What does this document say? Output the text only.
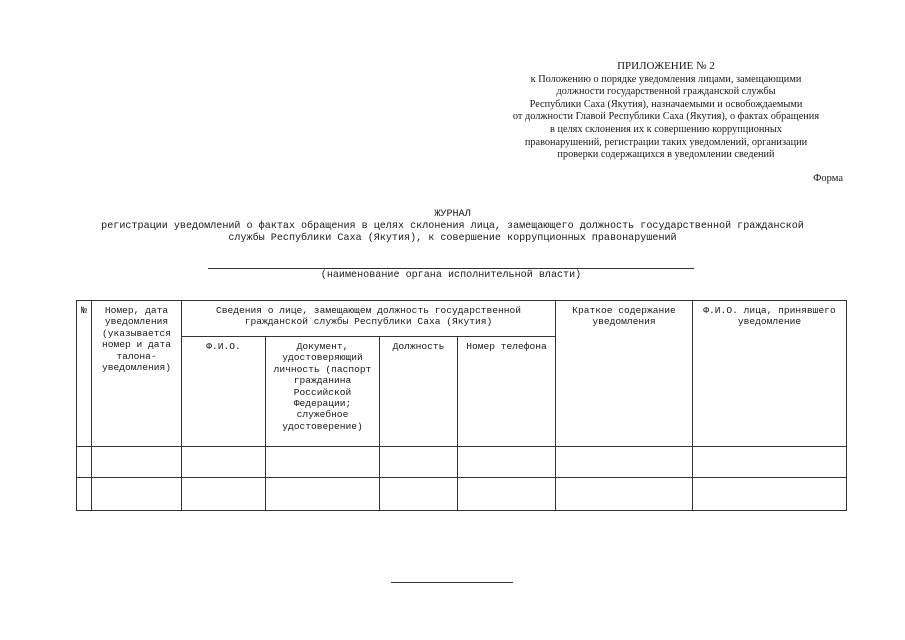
ПРИЛОЖЕНИЕ № 2
к Положению о порядке уведомления лицами, замещающими
должности государственной гражданской службы
Республики Саха (Якутия), назначаемыми и освобождаемыми
от должности Главой Республики Саха (Якутия), о фактах обращения
в целях склонения их к совершению коррупционных
правонарушений, регистрации таких уведомлений, организации
проверки содержащихся в уведомлении сведений
Форма
ЖУРНАЛ
регистрации уведомлений о фактах обращения в целях склонения лица, замещающего должность государственной гражданской
службы Республики Саха (Якутия), к совершение коррупционных правонарушений
(наименование органа исполнительной власти)
№	Номер, дата уведомления (указывается номер и дата талона-уведомления)	Сведения о лице, замещающем должность государственной гражданской службы Республики Саха (Якутия)				Краткое содержание уведомления	Ф.И.О. лица, принявшего уведомление
		Ф.И.О.	Документ, удостоверяющий личность (паспорт гражданина Российской Федерации; служебное удостоверение)	Должность	Номер телефона		
